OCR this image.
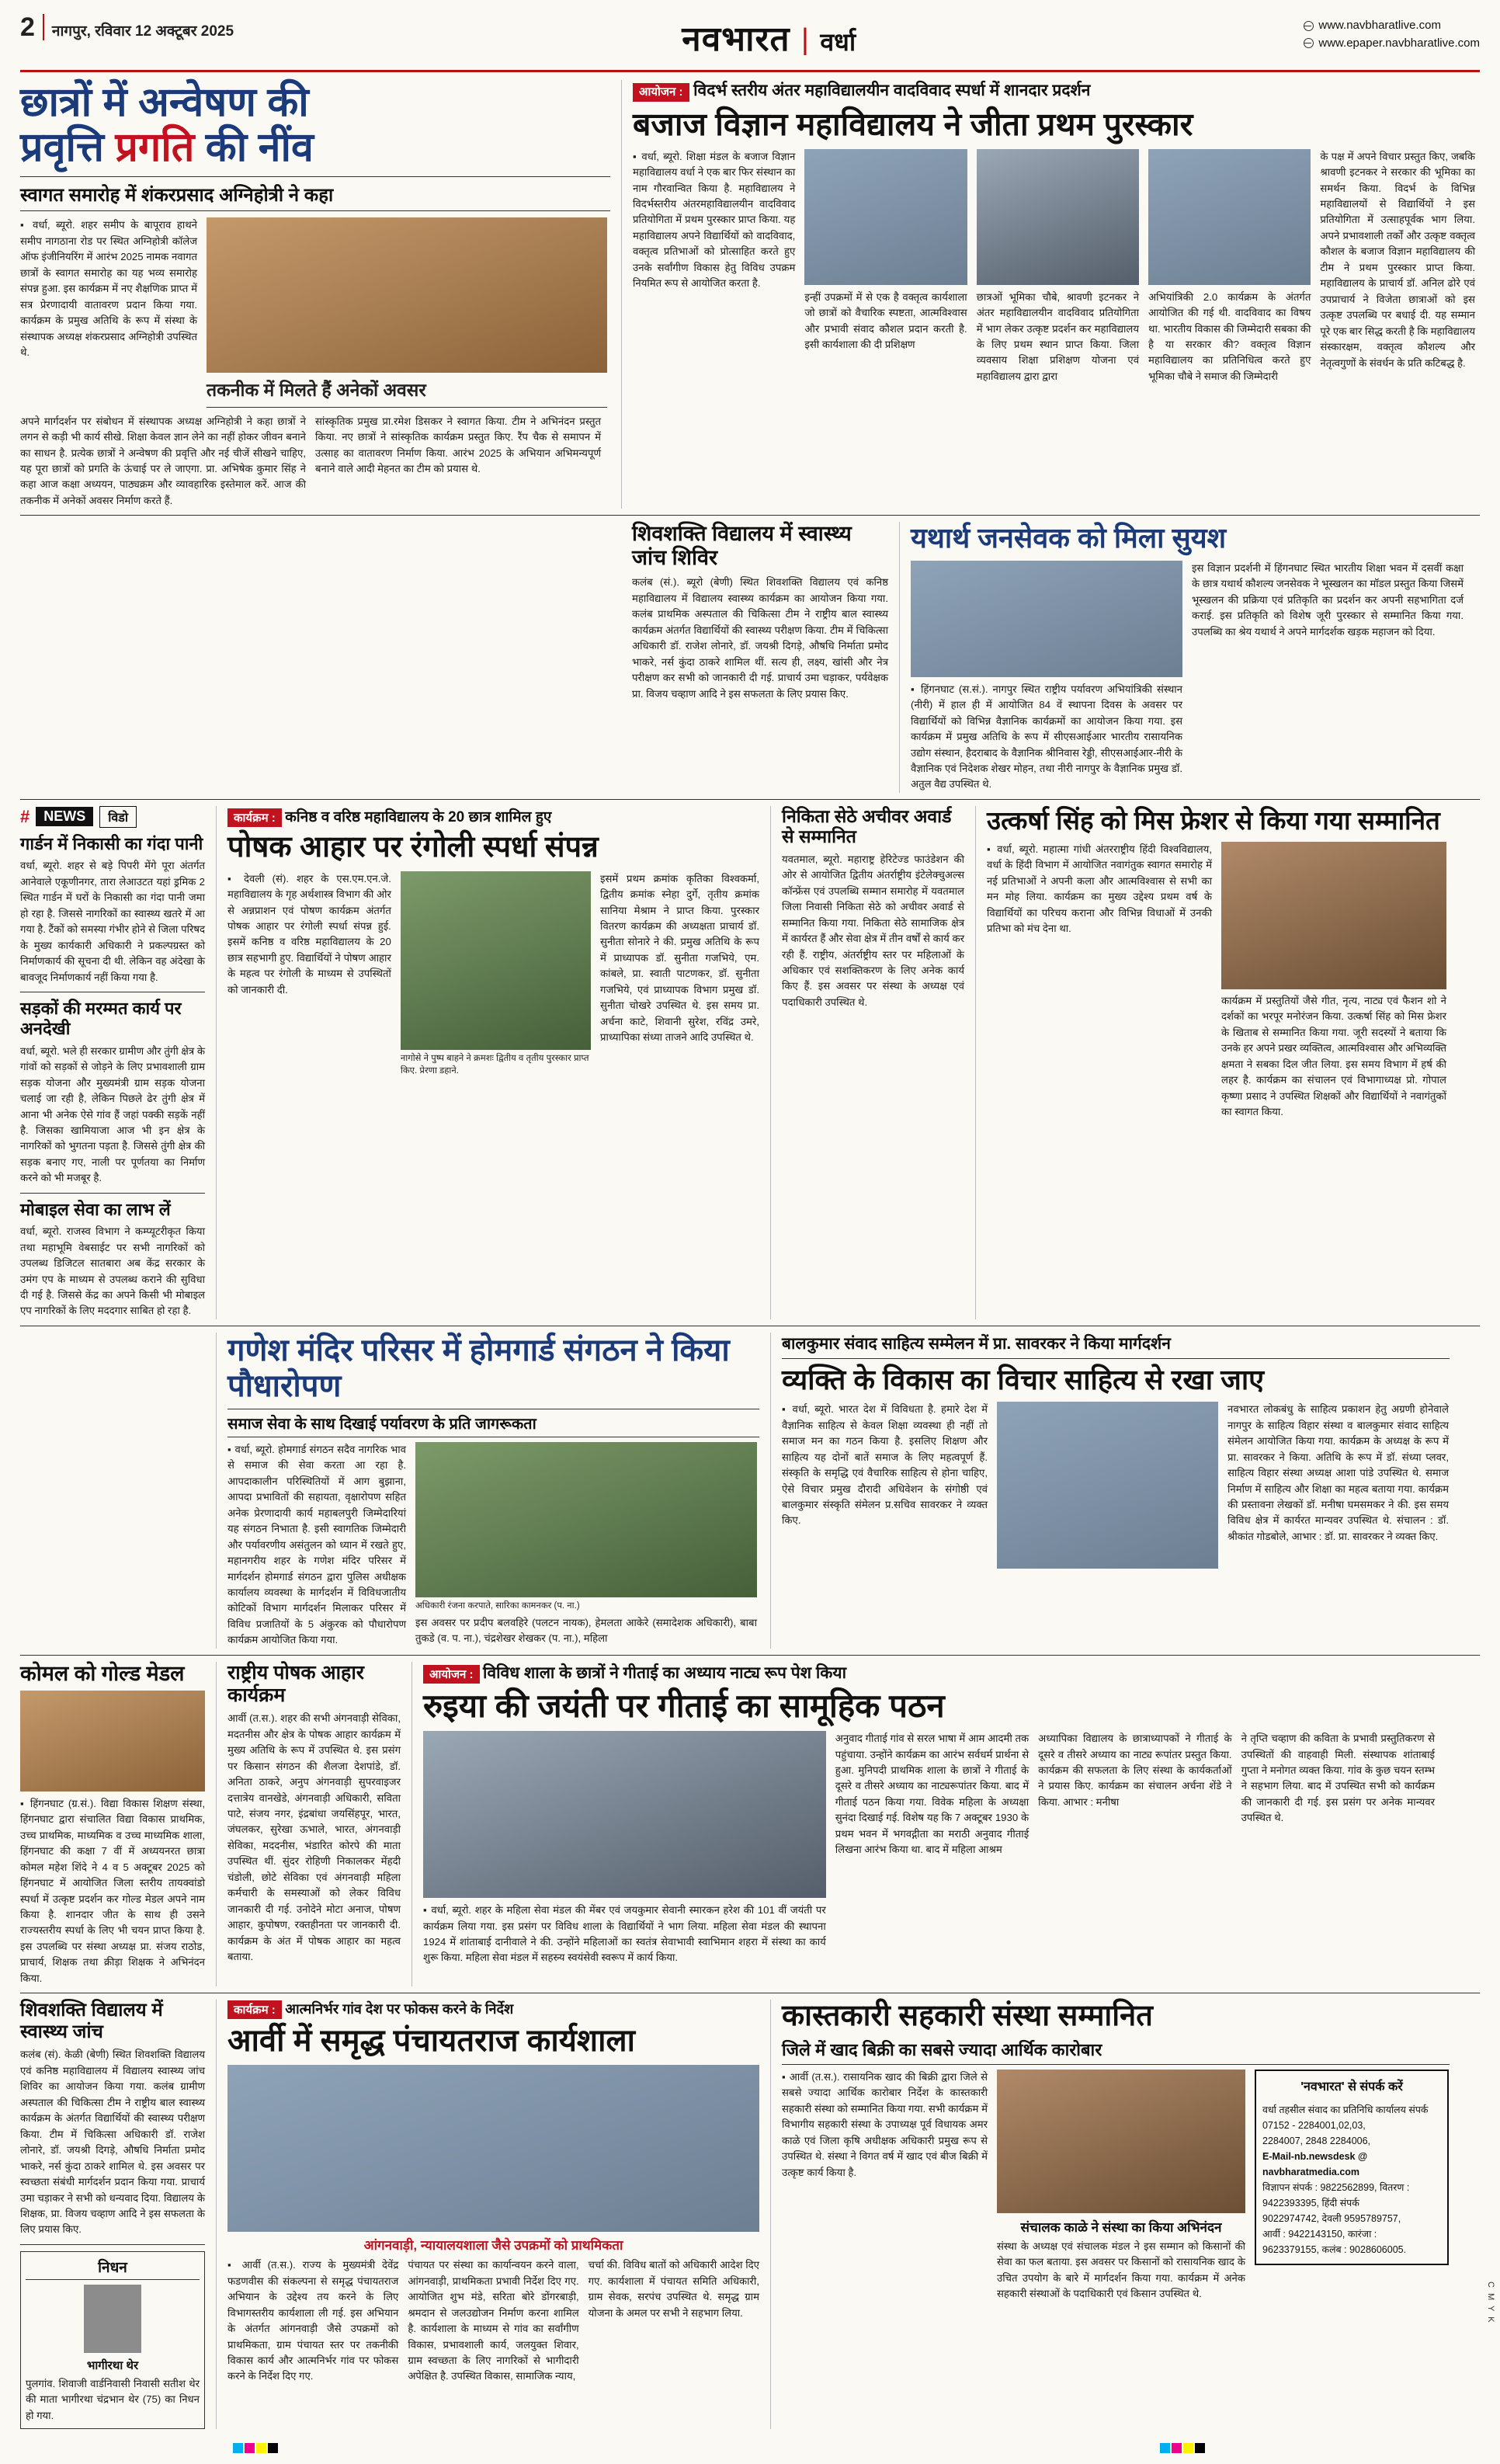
2	नागपुर, रविवार 12 अक्टूबर 2025	नवभारत | वर्धा
www.navbharatlive.com
www.epaper.navbharatlive.com
छात्रों में अन्वेषण की
प्रवृत्ति प्रगति की नींव
स्वागत समारोह में शंकरप्रसाद अग्निहोत्री ने कहा
▪ वर्धा, ब्यूरो. शहर समीप के बापूराव हाथने समीप नागठाना रोड पर स्थित अग्निहोत्री कॉलेज ऑफ इंजीनियरिंग में आरंभ 2025 नामक नवागत छात्रों के स्वागत समारोह का यह भव्य समारोह संपन्न हुआ. इस कार्यक्रम में नए शैक्षणिक प्राप्त में सत्र प्रेरणादायी वातावरण प्रदान किया गया. कार्यक्रम के प्रमुख अतिथि के रूप में संस्था के संस्थापक अध्यक्ष शंकरप्रसाद अग्निहोत्री उपस्थित थे.
तकनीक में मिलते हैं अनेकों अवसर
अपने मार्गदर्शन पर संबोधन में संस्थापक अध्यक्ष अग्निहोत्री ने कहा छात्रों ने लगन से कड़ी भी कार्य सीखे. शिक्षा केवल ज्ञान लेने का नहीं होकर जीवन बनाने का साधन है. प्रत्येक छात्रों ने अन्वेषण की प्रवृत्ति और नई चीजें सीखने चाहिए, यह पूरा छात्रों को प्रगति के ऊंचाई पर ले जाएगा. प्रा. अभिषेक कुमार सिंह ने कहा आज कक्षा अध्ययन, पाठ्यक्रम और व्यावहारिक इस्तेमाल करें. आज की तकनीक में अनेकों अवसर निर्माण करते हैं.
सांस्कृतिक प्रमुख प्रा.रमेश डिसकर ने स्वागत किया. टीम ने अभिनंदन प्रस्तुत किया. नए छात्रों ने सांस्कृतिक कार्यक्रम प्रस्तुत किए. रैंप चैक से समापन में उत्साह का वातावरण निर्माण किया. आरंभ 2025 के अभियान अभिमन्यपूर्ण बनाने वाले आदी मेहनत का टीम को प्रयास थे.
आयोजन : विदर्भ स्तरीय अंतर महाविद्यालयीन वादविवाद स्पर्धा में शानदार प्रदर्शन
बजाज विज्ञान महाविद्यालय ने जीता प्रथम पुरस्कार
▪ वर्धा, ब्यूरो. शिक्षा मंडल के बजाज विज्ञान महाविद्यालय वर्धा ने एक बार फिर संस्थान का नाम गौरवान्वित किया है. महाविद्यालय ने विदर्भस्तरीय अंतरमहाविद्यालयीन वादविवाद प्रतियोगिता में प्रथम पुरस्कार प्राप्त किया. यह महाविद्यालय अपने विद्यार्थियों को वादविवाद, वक्तृत्व प्रतिभाओं को प्रोत्साहित करते हुए उनके सर्वांगीण विकास हेतु विविध उपक्रम नियमित रूप से आयोजित करता है.
इन्हीं उपक्रमों में से एक है वक्तृत्व कार्यशाला जो छात्रों को वैचारिक स्पष्टता, आत्मविश्वास और प्रभावी संवाद कौशल प्रदान करती है. इसी कार्यशाला की दी प्रशिक्षण
छात्रओं भूमिका चौबे, श्रावणी इटनकर ने अंतर महाविद्यालयीन वादविवाद प्रतियोगिता में भाग लेकर उत्कृष्ट प्रदर्शन कर महाविद्यालय के लिए प्रथम स्थान प्राप्त किया. जिला व्यवसाय शिक्षा प्रशिक्षण योजना एवं महाविद्यालय द्वारा द्वारा
अभियांत्रिकी 2.0 कार्यक्रम के अंतर्गत आयोजित की गई थी. वादविवाद का विषय था. भारतीय विकास की जिम्मेदारी सबका की है या सरकार की? वक्तृत्व विज्ञान महाविद्यालय का प्रतिनिधित्व करते हुए भूमिका चौबे ने समाज की जिम्मेदारी
के पक्ष में अपने विचार प्रस्तुत किए, जबकि श्रावणी इटनकर ने सरकार की भूमिका का समर्थन किया. विदर्भ के विभिन्न महाविद्यालयों से विद्यार्थियों ने इस प्रतियोगिता में उत्साहपूर्वक भाग लिया. अपने प्रभावशाली तर्कों और उत्कृष्ट वक्तृत्व कौशल के बजाज विज्ञान महाविद्यालय की टीम ने प्रथम पुरस्कार प्राप्त किया. महाविद्यालय के प्राचार्य डॉ. अनिल ढोरे एवं उपप्राचार्य ने विजेता छात्राओं को इस उत्कृष्ट उपलब्धि पर बधाई दी. यह सम्मान पूरे एक बार सिद्ध करती है कि महाविद्यालय संस्कारक्षम, वक्तृत्व कौशल्य और नेतृत्वगुणों के संवर्धन के प्रति कटिबद्ध है.
शिवशक्ति विद्यालय में स्वास्थ्य जांच शिविर
कलंब (सं.). ब्यूरो (बेणी) स्थित शिवशक्ति विद्यालय एवं कनिष्ठ महाविद्यालय में विद्यालय स्वास्थ्य कार्यक्रम का आयोजन किया गया. कलंब प्राथमिक अस्पताल की चिकित्सा टीम ने राष्ट्रीय बाल स्वास्थ्य कार्यक्रम अंतर्गत विद्यार्थियों की स्वास्थ्य परीक्षण किया. टीम में चिकित्सा अधिकारी डॉ. राजेश लोनारे, डॉ. जयश्री दिगड़े, औषधि निर्माता प्रमोद भाकरे, नर्स कुंदा ठाकरे शामिल थीं. सत्य ही, लक्ष्य, खांसी और नेत्र परीक्षण कर सभी को जानकारी दी गई. प्राचार्य उमा चड़ाकर, पर्यवेक्षक प्रा. विजय चव्हाण आदि ने इस सफलता के लिए प्रयास किए.
यथार्थ जनसेवक को मिला सुयश
▪ हिंगनघाट (स.सं.). नागपुर स्थित राष्ट्रीय पर्यावरण अभियांत्रिकी संस्थान (नीरी) में हाल ही में आयोजित 84 वें स्थापना दिवस के अवसर पर विद्यार्थियों को विभिन्न वैज्ञानिक कार्यक्रमों का आयोजन किया गया. इस कार्यक्रम में प्रमुख अतिथि के रूप में सीएसआईआर भारतीय रासायनिक उद्योग संस्थान, हैदराबाद के वैज्ञानिक श्रीनिवास रेड्डी, सीएसआईआर-नीरी के वैज्ञानिक एवं निदेशक शेखर मोहन, तथा नीरी नागपुर के वैज्ञानिक प्रमुख डॉ. अतुल वैद्य उपस्थित थे.
इस विज्ञान प्रदर्शनी में हिंगनघाट स्थित भारतीय शिक्षा भवन में दसवीं कक्षा के छात्र यथार्थ कौशल्य जनसेवक ने भूस्खलन का मॉडल प्रस्तुत किया जिसमें भूस्खलन की प्रक्रिया एवं प्रतिकृति का प्रदर्शन कर अपनी सहभागिता दर्ज कराई. इस प्रतिकृति को विशेष जूरी पुरस्कार से सम्मानित किया गया. उपलब्धि का श्रेय यथार्थ ने अपने मार्गदर्शक खड़क महाजन को दिया.
#	NEWS	विडो
गार्डन में निकासी का गंदा पानी
वर्धा, ब्यूरो. शहर से बड़े पिपरी मेंगे पूरा अंतर्गत आनेवाले एकूणीनगर, तारा लेआउटत यहां ड्रमिक 2 स्थित गार्डन में घरों के निकासी का गंदा पानी जमा हो रहा है. जिससे नागरिकों का स्वास्थ्य खतरे में आ गया है. टैंकों को समस्या गंभीर होने से जिला परिषद के मुख्य कार्यकारी अधिकारी ने प्रकल्पग्रस्त को निर्माणकार्य की सूचना दी थी. लेकिन वह अंदेखा के बावजूद निर्माणकार्य नहीं किया गया है.
सड़कों की मरम्मत कार्य पर अनदेखी
वर्धा, ब्यूरो. भले ही सरकार ग्रामीण और तुंगी क्षेत्र के गांवों को सड़कों से जोड़ने के लिए प्रभावशाली ग्राम सड़क योजना और मुख्यमंत्री ग्राम सड़क योजना चलाई जा रही है, लेकिन पिछले ढेर तुंगी क्षेत्र में आना भी अनेक ऐसे गांव हैं जहां पक्की सड़कें नहीं है. जिसका खामियाजा आज भी इन क्षेत्र के नागरिकों को भुगतना पड़ता है. जिससे तुंगी क्षेत्र की सड़क बनाए गए, नाली पर पूर्णतया का निर्माण करने को भी मजबूर है.
मोबाइल सेवा का लाभ लें
वर्धा, ब्यूरो. राजस्व विभाग ने कम्प्यूटरीकृत किया तथा महाभूमि वेबसाईट पर सभी नागरिकों को उपलब्ध डिजिटल सातबारा अब केंद्र सरकार के उमंग एप के माध्यम से उपलब्ध कराने की सुविधा दी गई है. जिससे केंद्र का अपने किसी भी मोबाइल एप नागरिकों के लिए मददगार साबित हो रहा है.
कार्यक्रम : कनिष्ठ व वरिष्ठ महाविद्यालय के 20 छात्र शामिल हुए
पोषक आहार पर रंगोली स्पर्धा संपन्न
▪ देवली (सं). शहर के एस.एम.एन.जे. महाविद्यालय के गृह अर्थशास्त्र विभाग की ओर से अन्नप्राशन एवं पोषण कार्यक्रम अंतर्गत पोषक आहार पर रंगोली स्पर्धा संपन्न हुई. इसमें कनिष्ठ व वरिष्ठ महाविद्यालय के 20 छात्र सहभागी हुए. विद्यार्थियों ने पोषण आहार के महत्व पर रंगोली के माध्यम से उपस्थितों को जानकारी दी.
नागोसे ने पुष्प बाहने ने क्रमशः द्वितीय व तृतीय पुरस्कार प्राप्त किए. प्रेरणा डहाने.
इसमें प्रथम क्रमांक कृतिका विश्वकर्मा, द्वितीय क्रमांक स्नेहा दुर्गे, तृतीय क्रमांक सानिया मेश्राम ने प्राप्त किया. पुरस्कार वितरण कार्यक्रम की अध्यक्षता प्राचार्य डॉ. सुनीता सोनारे ने की. प्रमुख अतिथि के रूप में प्राध्यापक डॉ. सुनीता गजभिये, एम. कांबले, प्रा. स्वाती पाटणकर, डॉ. सुनीता गजभिये, एवं प्राध्यापक विभाग प्रमुख डॉ. सुनीता चोखरे उपस्थित थे. इस समय प्रा. अर्चना काटे, शिवानी सुरेश, रविंद्र उमरे, प्राध्यापिका संध्या ताजने आदि उपस्थित थे.
निकिता सेठे अचीवर अवार्ड से सम्मानित
यवतमाल, ब्यूरो. महाराष्ट्र हेरिटेज्ड फाउंडेशन की ओर से आयोजित द्वितीय अंतर्राष्ट्रीय इंटेलेक्चुअल्स कॉन्फ्रेंस एवं उपलब्धि सम्मान समारोह में यवतमाल जिला निवासी निकिता सेठे को अचीवर अवार्ड से सम्मानित किया गया. निकिता सेठे सामाजिक क्षेत्र में कार्यरत हैं और सेवा क्षेत्र में तीन वर्षों से कार्य कर रही हैं. राष्ट्रीय, अंतर्राष्ट्रीय स्तर पर महिलाओं के अधिकार एवं सशक्तिकरण के लिए अनेक कार्य किए हैं. इस अवसर पर संस्था के अध्यक्ष एवं पदाधिकारी उपस्थित थे.
उत्कर्षा सिंह को मिस फ्रेशर से किया गया सम्मानित
▪ वर्धा, ब्यूरो. महात्मा गांधी अंतरराष्ट्रीय हिंदी विश्वविद्यालय, वर्धा के हिंदी विभाग में आयोजित नवागंतुक स्वागत समारोह में नई प्रतिभाओं ने अपनी कला और आत्मविश्वास से सभी का मन मोह लिया. कार्यक्रम का मुख्य उद्देश्य प्रथम वर्ष के विद्यार्थियों का परिचय कराना और विभिन्न विधाओं में उनकी प्रतिभा को मंच देना था.
कार्यक्रम में प्रस्तुतियों जैसे गीत, नृत्य, नाट्य एवं फैशन शो ने दर्शकों का भरपूर मनोरंजन किया. उत्कर्षा सिंह को मिस फ्रेशर के खिताब से सम्मानित किया गया. जूरी सदस्यों ने बताया कि उनके हर अपने प्रखर व्यक्तित्व, आत्मविश्वास और अभिव्यक्ति क्षमता ने सबका दिल जीत लिया. इस समय विभाग में हर्ष की लहर है. कार्यक्रम का संचालन एवं विभागाध्यक्ष प्रो. गोपाल कृष्णा प्रसाद ने उपस्थित शिक्षकों और विद्यार्थियों ने नवागंतुकों का स्वागत किया.
गणेश मंदिर परिसर में होमगार्ड संगठन ने किया पौधारोपण
समाज सेवा के साथ दिखाई पर्यावरण के प्रति जागरूकता
▪ वर्धा, ब्यूरो. होमगार्ड संगठन सदैव नागरिक भाव से समाज की सेवा करता आ रहा है. आपदाकालीन परिस्थितियों में आग बुझाना, आपदा प्रभावितों की सहायता, वृक्षारोपण सहित अनेक प्रेरणादायी कार्य महाबलपुरी जिम्मेदारियां यह संगठन निभाता है. इसी स्वागतिक जिम्मेदारी और पर्यावरणीय असंतुलन को ध्यान में रखते हुए, महानगरीय शहर के गणेश मंदिर परिसर में मार्गदर्शन होमगार्ड संगठन द्वारा पुलिस अधीक्षक कार्यालय व्यवस्था के मार्गदर्शन में विविधजातीय कोटिकों विभाग मार्गदर्शन मिलाकर परिसर में विविध प्रजातियों के 5 अंकुरक को पौधारोपण कार्यक्रम आयोजित किया गया.
अधिकारी रंजना करपाते, सारिका कामनकर (प. ना.)
इस अवसर पर प्रदीप बलवहिरे (पलटन नायक), हेमलता आकेरे (समादेशक अधिकारी), बाबा तुकडे (व. प. ना.), चंद्रशेखर शेखकर (प. ना.), महिला
बालकुमार संवाद साहित्य सम्मेलन में प्रा. सावरकर ने किया मार्गदर्शन
व्यक्ति के विकास का विचार साहित्य से रखा जाए
▪ वर्धा, ब्यूरो. भारत देश में विविधता है. हमारे देश में वैज्ञानिक साहित्य से केवल शिक्षा व्यवस्था ही नहीं तो समाज मन का गठन किया है. इसलिए शिक्षण और साहित्य यह दोनों बातें समाज के लिए महत्वपूर्ण हैं. संस्कृति के समृद्धि एवं वैचारिक साहित्य से होना चाहिए, ऐसे विचार प्रमुख दौरादी अधिवेशन के संगोष्ठी एवं बालकुमार संस्कृति संमेलन प्र.सचिव सावरकर ने व्यक्त किए.
नवभारत लोकबंधु के साहित्य प्रकाशन हेतु अग्रणी होनेवाले नागपुर के साहित्य विहार संस्था व बालकुमार संवाद साहित्य संमेलन आयोजित किया गया. कार्यक्रम के अध्यक्ष के रूप में प्रा. सावरकर ने किया. अतिथि के रूप में डॉ. संध्या प्लवर, साहित्य विहार संस्था अध्यक्ष आशा पांडे उपस्थित थे. समाज निर्माण में साहित्य और शिक्षा का महत्व बताया गया. कार्यक्रम की प्रस्तावना लेखकों डॉ. मनीषा घमसमकर ने की. इस समय विविध क्षेत्र में कार्यरत मान्यवर उपस्थित थे. संचालन : डॉ. श्रीकांत गोडबोले, आभार : डॉ. प्रा. सावरकर ने व्यक्त किए.
कोमल को गोल्ड मेडल
▪ हिंगनघाट (ग्र.सं.). विद्या विकास शिक्षण संस्था, हिंगनघाट द्वारा संचालित विद्या विकास प्राथमिक, उच्च प्राथमिक, माध्यमिक व उच्च माध्यमिक शाला, हिंगनघाट की कक्षा 7 वीं में अध्ययनरत छात्रा कोमल महेश शिंदे ने 4 व 5 अक्टूबर 2025 को हिंगनघाट में आयोजित जिला स्तरीय तायक्वांडो स्पर्धा में उत्कृष्ट प्रदर्शन कर गोल्ड मेडल अपने नाम किया है. शानदार जीत के साथ ही उसने राज्यस्तरीय स्पर्धा के लिए भी चयन प्राप्त किया है. इस उपलब्धि पर संस्था अध्यक्ष प्रा. संजय राठोड, प्राचार्य, शिक्षक तथा क्रीड़ा शिक्षक ने अभिनंदन किया.
राष्ट्रीय पोषक आहार कार्यक्रम
आर्वी (त.स.). शहर की सभी अंगनवाड़ी सेविका, मदतनीस और क्षेत्र के पोषक आहार कार्यक्रम में मुख्य अतिथि के रूप में उपस्थित थे. इस प्रसंग पर किसान संगठन की शैलजा देशपांडे, डॉ. अनिता ठाकरे, अनुप अंगनवाड़ी सुपरवाइजर दत्तात्रेय वानखेडे, अंगनवाड़ी अधिकारी, सविता पाटे, संजय नगर, इंद्रबांधा जयसिंहपूर, भारत, जंघलकर, सुरेखा ऊभाले, भारत, अंगनवाड़ी सेविका, मददनीस, भंडारित कोरपे की माता उपस्थित थीं. सुंदर रोहिणी निकालकर मेंहदी चंडोली, छोटे सेविका एवं अंगनवाड़ी महिला कर्मचारी के समस्याओं को लेकर विविध जानकारी दी गई. उनोदेने मोटा अनाज, पोषण आहार, कुपोषण, रक्तहीनता पर जानकारी दी. कार्यक्रम के अंत में पोषक आहार का महत्व बताया.
आयोजन : विविध शाला के छात्रों ने गीताई का अध्याय नाट्य रूप पेश किया
रुइया की जयंती पर गीताई का सामूहिक पठन
▪ वर्धा, ब्यूरो. शहर के महिला सेवा मंडल की मेंबर एवं जयकुमार सेवानी स्मारकन हरेश की 101 वीं जयंती पर कार्यक्रम लिया गया. इस प्रसंग पर विविध शाला के विद्यार्थियों ने भाग लिया. महिला सेवा मंडल की स्थापना 1924 में शांताबाई दानीवाले ने की. उन्होंने महिलाओं का स्वतंत्र सेवाभावी स्वाभिमान शहरा में संस्था का कार्य शुरू किया. महिला सेवा मंडल में सहस्र्य स्वयंसेवी स्वरूप में कार्य किया.
अनुवाद गीताई गांव से सरल भाषा में आम आदमी तक पहुंचाया. उन्होंने कार्यक्रम का आरंभ सर्वधर्म प्रार्थना से हुआ. मुनिपदी प्राथमिक शाला के छात्रों ने गीताई के दूसरे व तीसरे अध्याय का नाट्यरूपांतर किया. बाद में गीताई पठन किया गया. विवेक महिला के अध्यक्षा सुनंदा दिखाई गई. विशेष यह कि 7 अक्टूबर 1930 के प्रथम भवन में भगवद्गीता का मराठी अनुवाद गीताई लिखना आरंभ किया था. बाद में महिला आश्रम
अध्यापिका विद्यालय के छात्राध्यापकों ने गीताई के दूसरे व तीसरे अध्याय का नाट्य रूपांतर प्रस्तुत किया. कार्यक्रम की सफलता के लिए संस्था के कार्यकर्ताओं ने प्रयास किए. कार्यक्रम का संचालन अर्चना शेंडे ने किया. आभार : मनीषा
ने तृप्ति चव्हाण की कविता के प्रभावी प्रस्तुतिकरण से उपस्थितों की वाहवाही मिली. संस्थापक शांताबाई गुप्ता ने मनोगत व्यक्त किया. गांव के कुछ चयन स्तम्भ ने सहभाग लिया. बाद में उपस्थित सभी को कार्यक्रम की जानकारी दी गई. इस प्रसंग पर अनेक मान्यवर उपस्थित थे.
शिवशक्ति विद्यालय में स्वास्थ्य जांच
कलंब (सं). केळी (बेणी) स्थित शिवशक्ति विद्यालय एवं कनिष्ठ महाविद्यालय में विद्यालय स्वास्थ्य जांच शिविर का आयोजन किया गया. कलंब ग्रामीण अस्पताल की चिकित्सा टीम ने राष्ट्रीय बाल स्वास्थ्य कार्यक्रम के अंतर्गत विद्यार्थियों की स्वास्थ्य परीक्षण किया. टीम में चिकित्सा अधिकारी डॉ. राजेश लोनारे, डॉ. जयश्री दिगड़े, औषधि निर्माता प्रमोद भाकरे, नर्स कुंदा ठाकरे शामिल थे. इस अवसर पर स्वच्छता संबंधी मार्गदर्शन प्रदान किया गया. प्राचार्य उमा चड़ाकर ने सभी को धन्यवाद दिया. विद्यालय के शिक्षक, प्रा. विजय चव्हाण आदि ने इस सफलता के लिए प्रयास किए.
निधन
भागीरथा थेर
पुलगांव. शिवाजी वार्डनिवासी निवासी सतीश थेर की माता भागीरथा चंद्रभान थेर (75) का निधन हो गया.
कार्यक्रम : आत्मनिर्भर गांव देश पर फोकस करने के निर्देश
आर्वी में समृद्ध पंचायतराज कार्यशाला
आंगनवाड़ी, न्यायालयशाला जैसे उपक्रमों को प्राथमिकता
▪ आर्वी (त.स.). राज्य के मुख्यमंत्री देवेंद्र फडणवीस की संकल्पना से समृद्ध पंचायतराज अभियान के उद्देश्य तय करने के लिए विभागस्तरीय कार्यशाला ली गई. इस अभियान के अंतर्गत आंगनवाड़ी जैसे उपक्रमों को प्राथमिकता, ग्राम पंचायत स्तर पर तकनीकी विकास कार्य और आत्मनिर्भर गांव पर फोकस करने के निर्देश दिए गए.
पंचायत पर संस्था का कार्यान्वयन करने वाला, आंगनवाड़ी, प्राथमिकता प्रभावी निर्देश दिए गए. आयोजित शुभ मंडे, सरिता बोरे डोंगरबाड़ी, श्रमदान से जलउद्योजन निर्माण करना शामिल है. कार्यशाला के माध्यम से गांव का सर्वांगीण विकास, प्रभावशाली कार्य, जलयुक्त शिवार, ग्राम स्वच्छता के लिए नागरिकों से भागीदारी अपेक्षित है. उपस्थित विकास, सामाजिक न्याय,
चर्चा की. विविध बातों को अधिकारी आदेश दिए गए. कार्यशाला में पंचायत समिति अधिकारी, ग्राम सेवक, सरपंच उपस्थित थे. समृद्ध ग्राम योजना के अमल पर सभी ने सहभाग लिया.
कास्तकारी सहकारी संस्था सम्मानित
जिले में खाद बिक्री का सबसे ज्यादा आर्थिक कारोबार
▪ आर्वी (त.स.). रासायनिक खाद की बिक्री द्वारा जिले से सबसे ज्यादा आर्थिक कारोबार निर्देश के कास्तकारी सहकारी संस्था को सम्मानित किया गया. सभी कार्यक्रम में विभागीय सहकारी संस्था के उपाध्यक्ष पूर्व विधायक अमर काळे एवं जिला कृषि अधीक्षक अधिकारी प्रमुख रूप से उपस्थित थे. संस्था ने विगत वर्ष में खाद एवं बीज बिक्री में उत्कृष्ट कार्य किया है.
संचालक काळे ने संस्था का किया अभिनंदन
संस्था के अध्यक्ष एवं संचालक मंडल ने इस सम्मान को किसानों की सेवा का फल बताया. इस अवसर पर किसानों को रासायनिक खाद के उचित उपयोग के बारे में मार्गदर्शन किया गया. कार्यक्रम में अनेक सहकारी संस्थाओं के पदाधिकारी एवं किसान उपस्थित थे.
'नवभारत' से संपर्क करें
वर्धा तहसील संवाद का प्रतिनिधि कार्यालय संपर्क
07152 - 2284001,02,03,
2284007, 2848 2284006,
E-Mail-nb.newsdesk @
navbharatmedia.com
विज्ञापन संपर्क : 9822562899, वितरण :
9422393395, हिंदी संपर्क
9022974742, देवली 9595789757,
आर्वी : 9422143150, कारंजा :
9623379155, कलंब : 9028606005.
C M Y K
